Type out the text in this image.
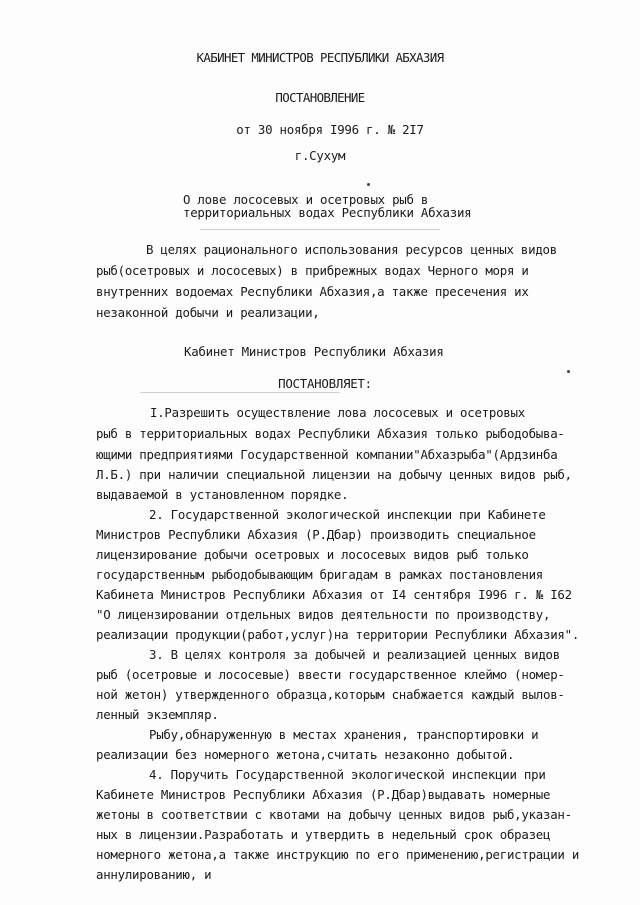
КАБИНЕТ МИНИСТРОВ РЕСПУБЛИКИ АБХАЗИЯ
ПОСТАНОВЛЕНИЕ
от 30 ноября I996 г. № 2I7
г.Сухум
О лове лососевых и осетровых рыб в
территориальных водах Республики Абхазия
В целях рационального использования ресурсов ценных видов
рыб(осетровых и лососевых) в прибрежных водах Черного моря и
внутренних водоемах Республики Абхазия,а также пресечения их
незаконной добычи и реализации,
Кабинет Министров Республики Абхазия
ПОСТАНОВЛЯЕТ:
I.Разрешить осуществление лова лососевых и осетровых
рыб в территориальных водах Республики Абхазия только рыбодобыва-
ющими предприятиями Государственной компании"Абхазрыба"(Ардзинба
Л.Б.) при наличии специальной лицензии на добычу ценных видов рыб,
выдаваемой в установленном порядке.
2. Государственной экологической инспекции при Кабинете
Министров Республики Абхазия (Р.Дбар) производить специальное
лицензирование добычи осетровых и лососевых видов рыб только
государственным рыбодобывающим бригадам в рамках постановления
Кабинета Министров Республики Абхазия от I4 сентября I996 г. № I62
"О лицензировании отдельных видов деятельности по производству,
реализации продукции(работ,услуг)на территории Республики Абхазия".
3. В целях контроля за добычей и реализацией ценных видов
рыб (осетровые и лососевые) ввести государственное клеймо (номер-
ной жетон) утвержденного образца,которым снабжается каждый вылов-
ленный экземпляр.
Рыбу,обнаруженную в местах хранения, транспортировки и
реализации без номерного жетона,считать незаконно добытой.
4. Поручить Государственной экологической инспекции при
Кабинете Министров Республики Абхазия (Р.Дбар)выдавать номерные
жетоны в соответствии с квотами на добычу ценных видов рыб,указан-
ных в лицензии.Разработать и утвердить в недельный срок образец
номерного жетона,а также инструкцию по его применению,регистрации и
аннулированию, и
